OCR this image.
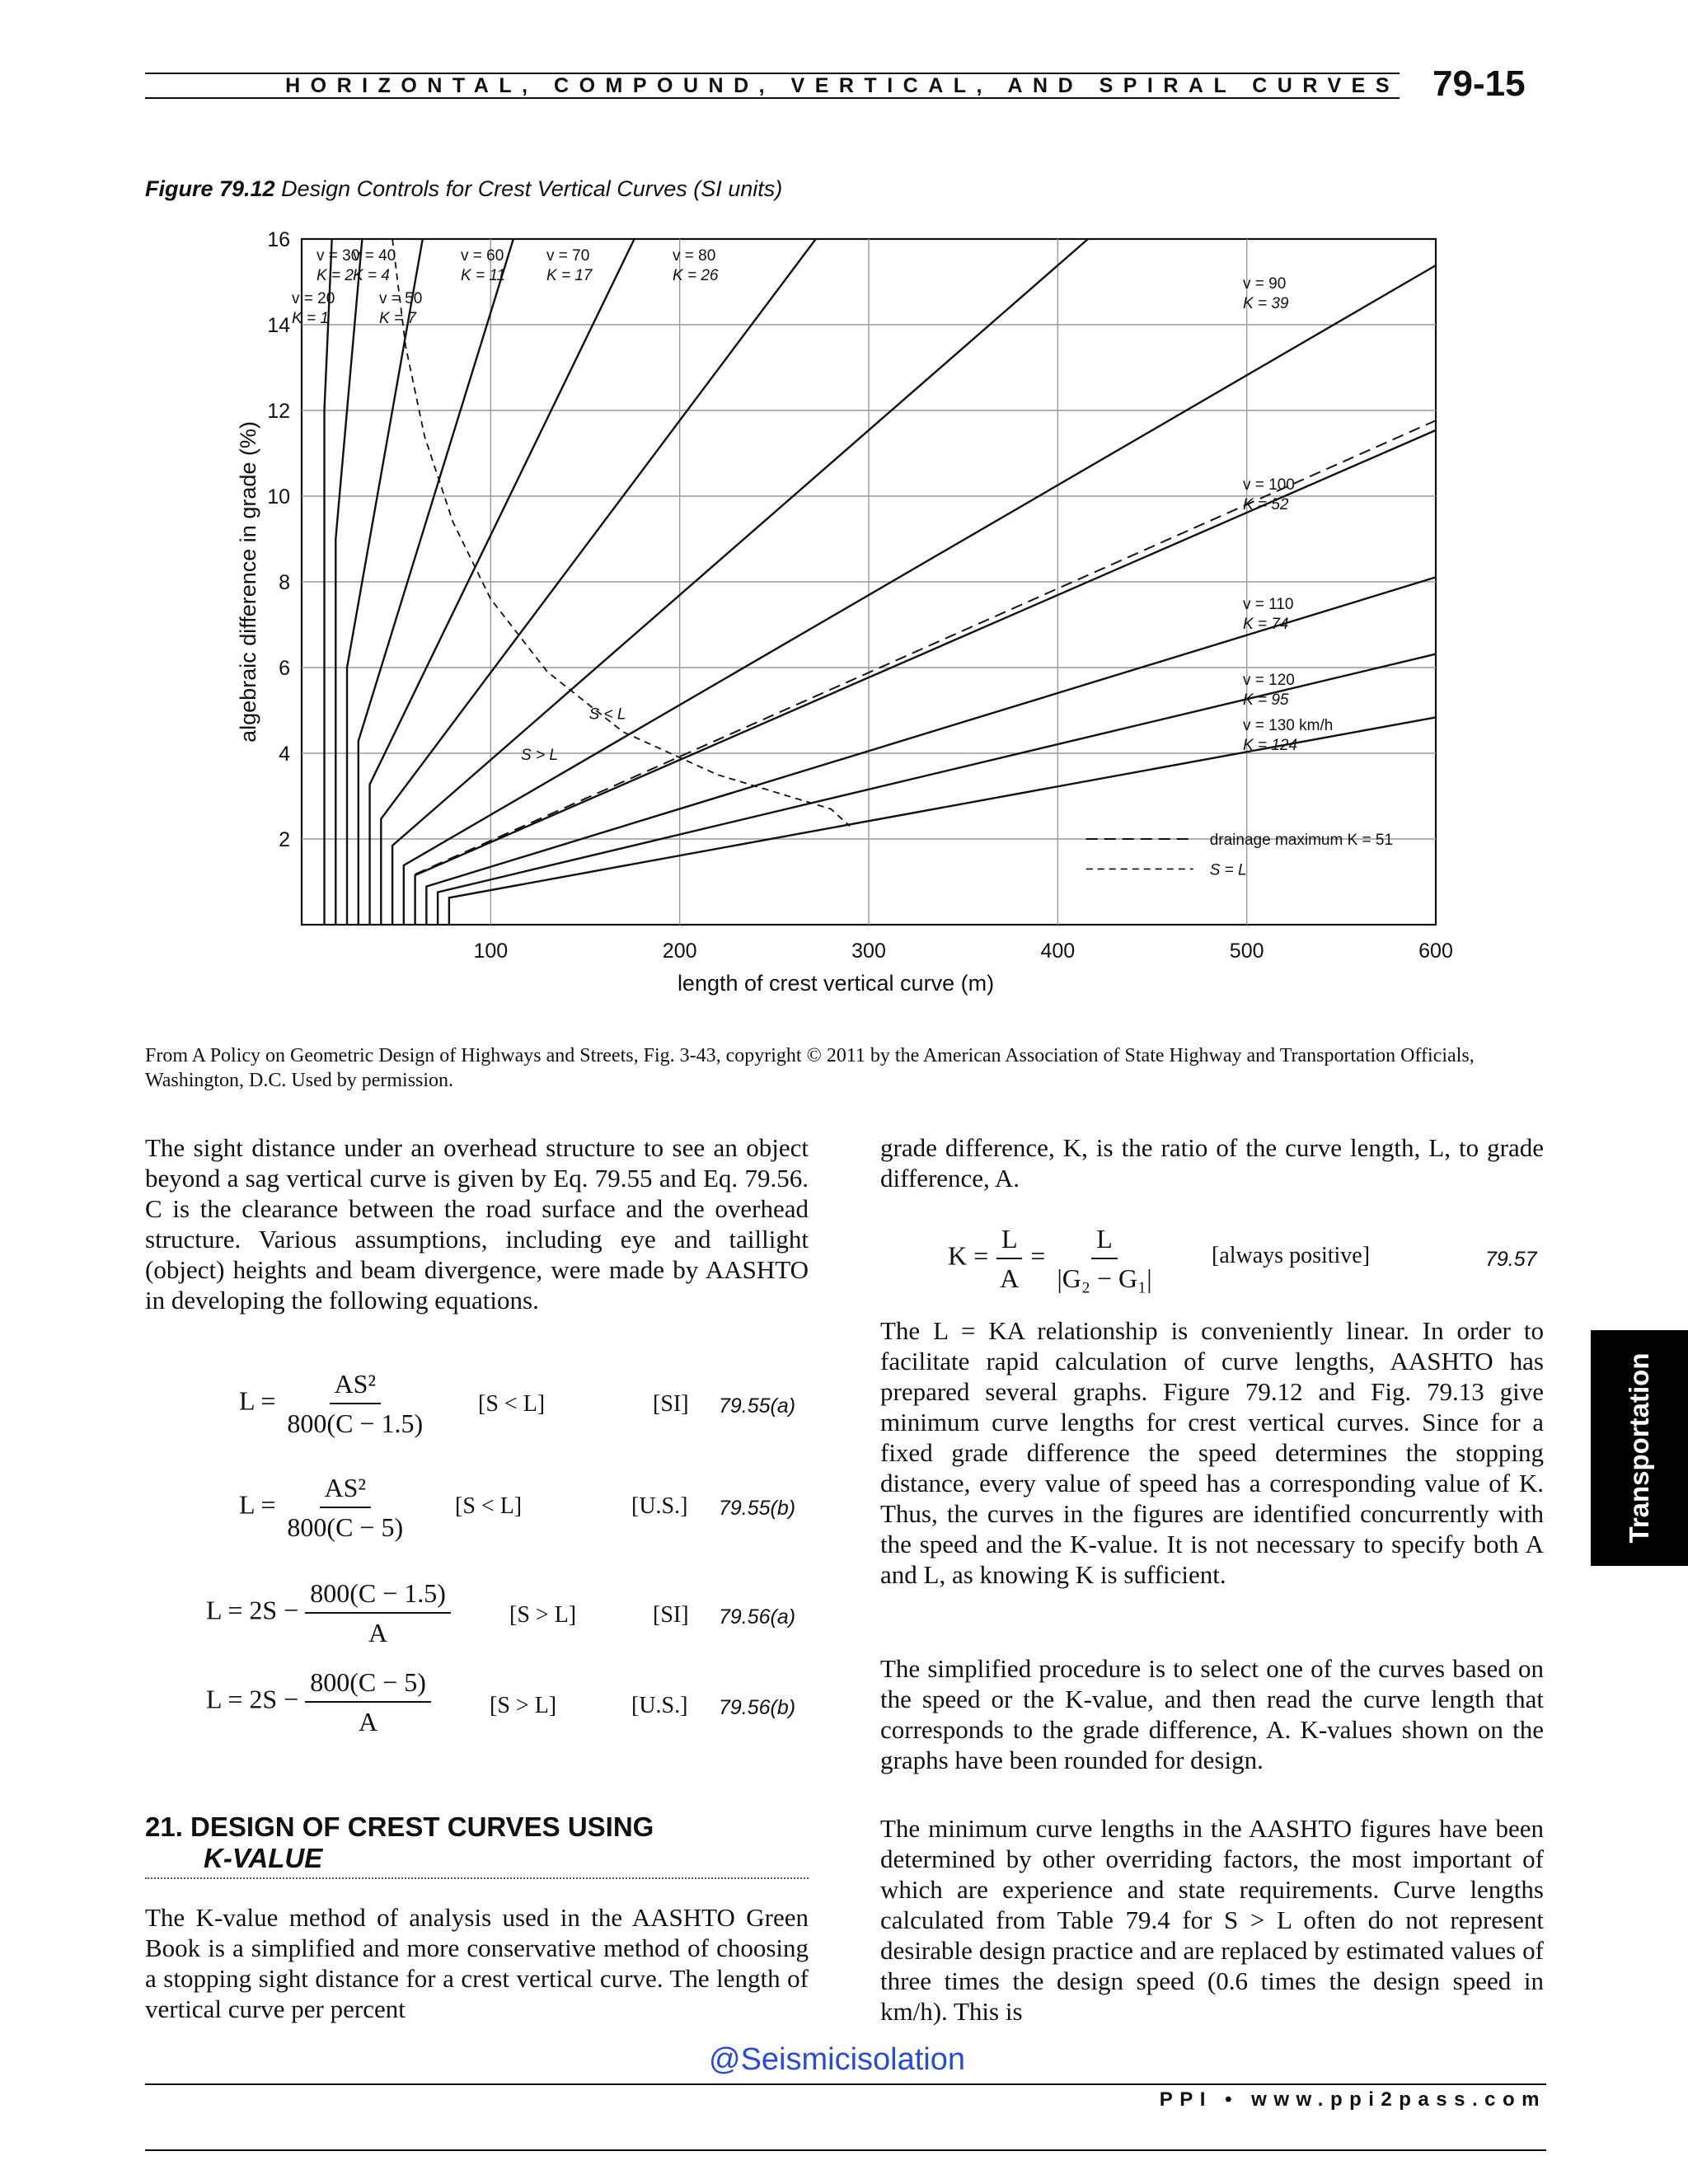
HORIZONTAL, COMPOUND, VERTICAL, AND SPIRAL CURVES 79-15
Figure 79.12 Design Controls for Crest Vertical Curves (SI units)
100	200	300	400	500	600
2
4
6
8
10
12
14
16
length of crest vertical curve (m)
algebraic difference in grade (%)
v = 20
K = 1
v = 30
K = 2
v = 40
K = 4
v = 50
K = 7
v = 60
K = 11
v = 70
K = 17
v = 80
K = 26	v = 90
K = 39
v = 100
K = 52
v = 110
K = 74
v = 120
K = 95
v = 130 km/h
K = 124
S < L
S > L
drainage maximum K = 51
S = L
From A Policy on Geometric Design of Highways and Streets, Fig. 3-43, copyright © 2011 by the American Association of State Highway and Transportation Officials, Washington, D.C. Used by permission.
The sight distance under an overhead structure to see an object beyond a sag vertical curve is given by Eq. 79.55 and Eq. 79.56. C is the clearance between the road surface and the overhead structure. Various assumptions, including eye and taillight (object) heights and beam divergence, were made by AASHTO in developing the following equations.
$L = \frac{\text{AS²}}{800(C - 1.5)} [S < L]$	[SI] 79.55(a)
$L = \frac{\text{AS²}}{800(C - 5)} [S < L]$	[U.S.] 79.55(b)
$L = 2S - \frac{800(C - 1.5)}{A}$	[S > L]	[SI] 79.56(a)
$L = 2S - \frac{800(C - 5)}{A}$	[S > L]	[U.S.] 79.56(b)
21. DESIGN OF CREST CURVES USING
K-VALUE
The K-value method of analysis used in the AASHTO Green Book is a simplified and more conservative method of choosing a stopping sight distance for a crest vertical curve. The length of vertical curve per percent
grade difference, K, is the ratio of the curve length, L, to grade difference, A.
$K = \frac{L}{A} = \frac{L}{\text{|G₂ − G₁|}}$ [always positive]	79.57
The L = KA relationship is conveniently linear. In order to facilitate rapid calculation of curve lengths, AASHTO has prepared several graphs. Figure 79.12 and Fig. 79.13 give minimum curve lengths for crest vertical curves. Since for a fixed grade difference the speed determines the stopping distance, every value of speed has a corresponding value of K. Thus, the curves in the figures are identified concurrently with the speed and the K-value. It is not necessary to specify both A and L, as knowing K is sufficient.
The simplified procedure is to select one of the curves based on the speed or the K-value, and then read the curve length that corresponds to the grade difference, A. K-values shown on the graphs have been rounded for design.
The minimum curve lengths in the AASHTO figures have been determined by other overriding factors, the most important of which are experience and state requirements. Curve lengths calculated from Table 79.4 for S > L often do not represent desirable design practice and are replaced by estimated values of three times the design speed (0.6 times the design speed in km/h). This is
Transportation
@Seismicisolation
PPI • www.ppi2pass.com
